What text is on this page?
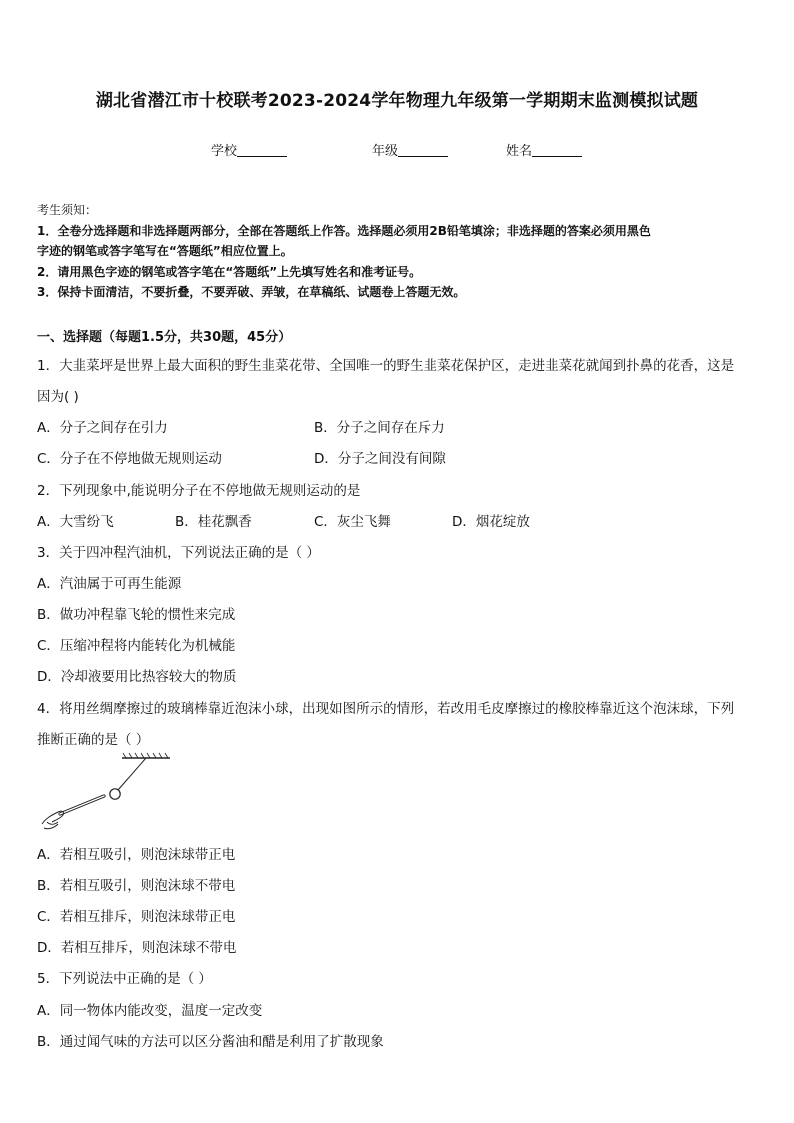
湖北省潜江市十校联考2023-2024学年物理九年级第一学期期末监测模拟试题
学校	年级	姓名
考生须知：
1．全卷分选择题和非选择题两部分，全部在答题纸上作答。选择题必须用2B铅笔填涂；非选择题的答案必须用黑色
字迹的钢笔或答字笔写在“答题纸”相应位置上。
2．请用黑色字迹的钢笔或答字笔在“答题纸”上先填写姓名和准考证号。
3．保持卡面清洁，不要折叠，不要弄破、弄皱，在草稿纸、试题卷上答题无效。
一、选择题（每题1.5分，共30题，45分）
1．大韭菜坪是世界上最大面积的野生韭菜花带、全国唯一的野生韭菜花保护区，走进韭菜花就闻到扑鼻的花香，这是
因为( )
A．分子之间存在引力	B．分子之间存在斥力
C．分子在不停地做无规则运动	D．分子之间没有间隙
2．下列现象中,能说明分子在不停地做无规则运动的是
A．大雪纷飞	B．桂花飘香	C．灰尘飞舞	D．烟花绽放
3．关于四冲程汽油机，下列说法正确的是（ ）
A．汽油属于可再生能源
B．做功冲程靠飞轮的惯性来完成
C．压缩冲程将内能转化为机械能
D．冷却液要用比热容较大的物质
4．将用丝绸摩擦过的玻璃棒靠近泡沫小球，出现如图所示的情形，若改用毛皮摩擦过的橡胶棒靠近这个泡沫球，下列
推断正确的是（ ）
A．若相互吸引，则泡沫球带正电
B．若相互吸引，则泡沫球不带电
C．若相互排斥，则泡沫球带正电
D．若相互排斥，则泡沫球不带电
5．下列说法中正确的是（ ）
A．同一物体内能改变，温度一定改变
B．通过闻气味的方法可以区分酱油和醋是利用了扩散现象
